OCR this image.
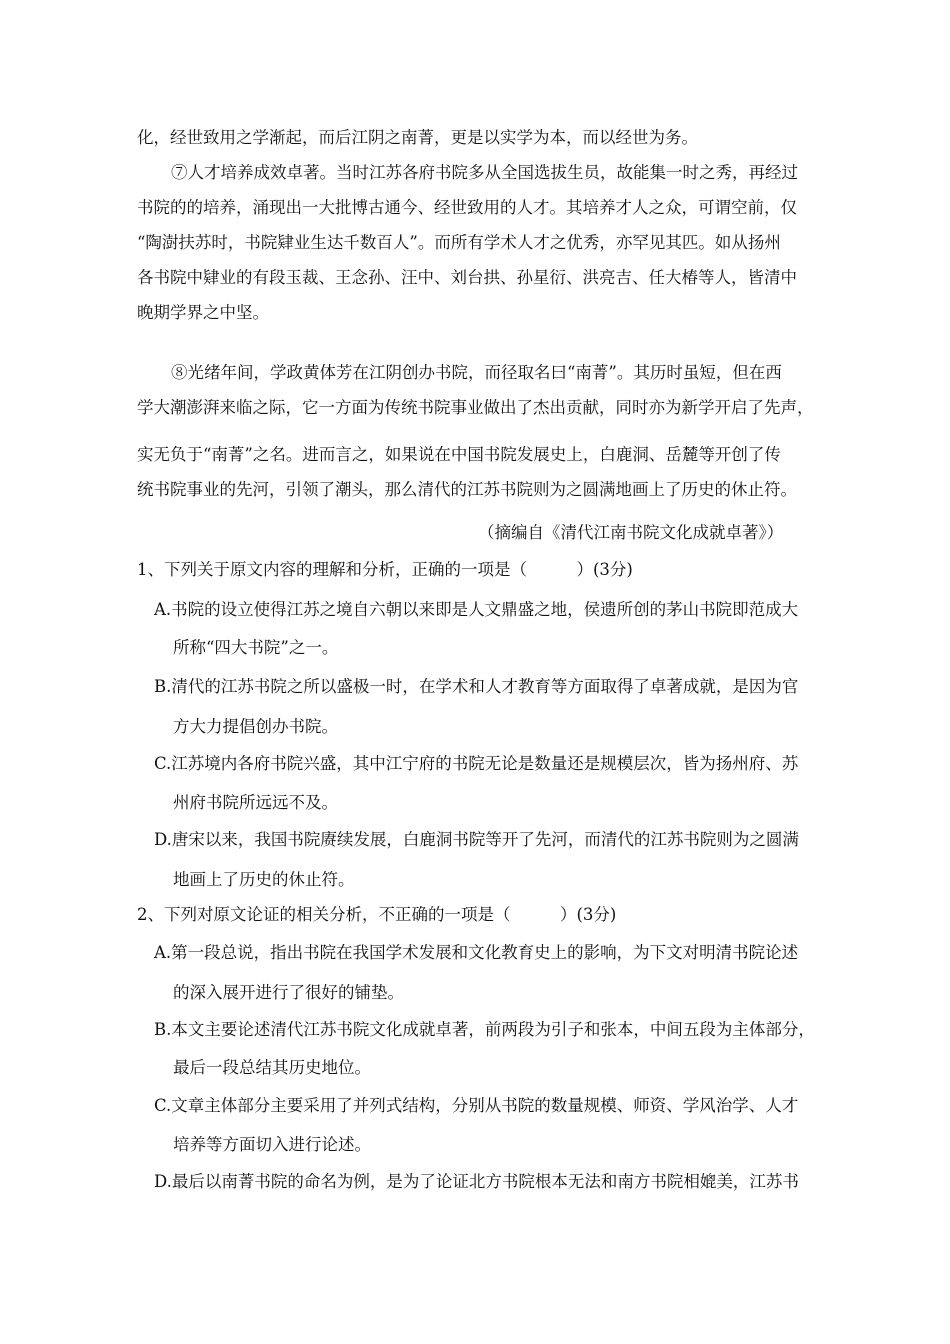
化，经世致用之学渐起，而后江阴之南菁，更是以实学为本，而以经世为务。
⑦人才培养成效卓著。当时江苏各府书院多从全国选拔生员，故能集一时之秀，再经过
书院的的培养，涌现出一大批博古通今、经世致用的人才。其培养才人之众，可谓空前，仅
“陶澍扶苏时，书院肄业生达千数百人”。而所有学术人才之优秀，亦罕见其匹。如从扬州
各书院中肄业的有段玉裁、王念孙、汪中、刘台拱、孙星衍、洪亮吉、任大椿等人，皆清中
晚期学界之中坚。
⑧光绪年间，学政黄体芳在江阴创办书院，而径取名曰“南菁”。其历时虽短，但在西
学大潮澎湃来临之际，它一方面为传统书院事业做出了杰出贡献，同时亦为新学开启了先声，
实无负于“南菁”之名。进而言之，如果说在中国书院发展史上，白鹿洞、岳麓等开创了传
统书院事业的先河，引领了潮头，那么清代的江苏书院则为之圆满地画上了历史的休止符。
（摘编自《清代江南书院文化成就卓著》）
1、下列关于原文内容的理解和分析，正确的一项是（　　　）(3分)
A.书院的设立使得江苏之境自六朝以来即是人文鼎盛之地，侯遗所创的茅山书院即范成大
所称“四大书院”之一。
B.清代的江苏书院之所以盛极一时，在学术和人才教育等方面取得了卓著成就，是因为官
方大力提倡创办书院。
C.江苏境内各府书院兴盛，其中江宁府的书院无论是数量还是规模层次，皆为扬州府、苏
州府书院所远远不及。
D.唐宋以来，我国书院赓续发展，白鹿洞书院等开了先河，而清代的江苏书院则为之圆满
地画上了历史的休止符。
2、下列对原文论证的相关分析，不正确的一项是（　　　）(3分)
A.第一段总说，指出书院在我国学术发展和文化教育史上的影响，为下文对明清书院论述
的深入展开进行了很好的铺垫。
B.本文主要论述清代江苏书院文化成就卓著，前两段为引子和张本，中间五段为主体部分，
最后一段总结其历史地位。
C.文章主体部分主要采用了并列式结构，分别从书院的数量规模、师资、学风治学、人才
培养等方面切入进行论述。
D.最后以南菁书院的命名为例，是为了论证北方书院根本无法和南方书院相媲美，江苏书
